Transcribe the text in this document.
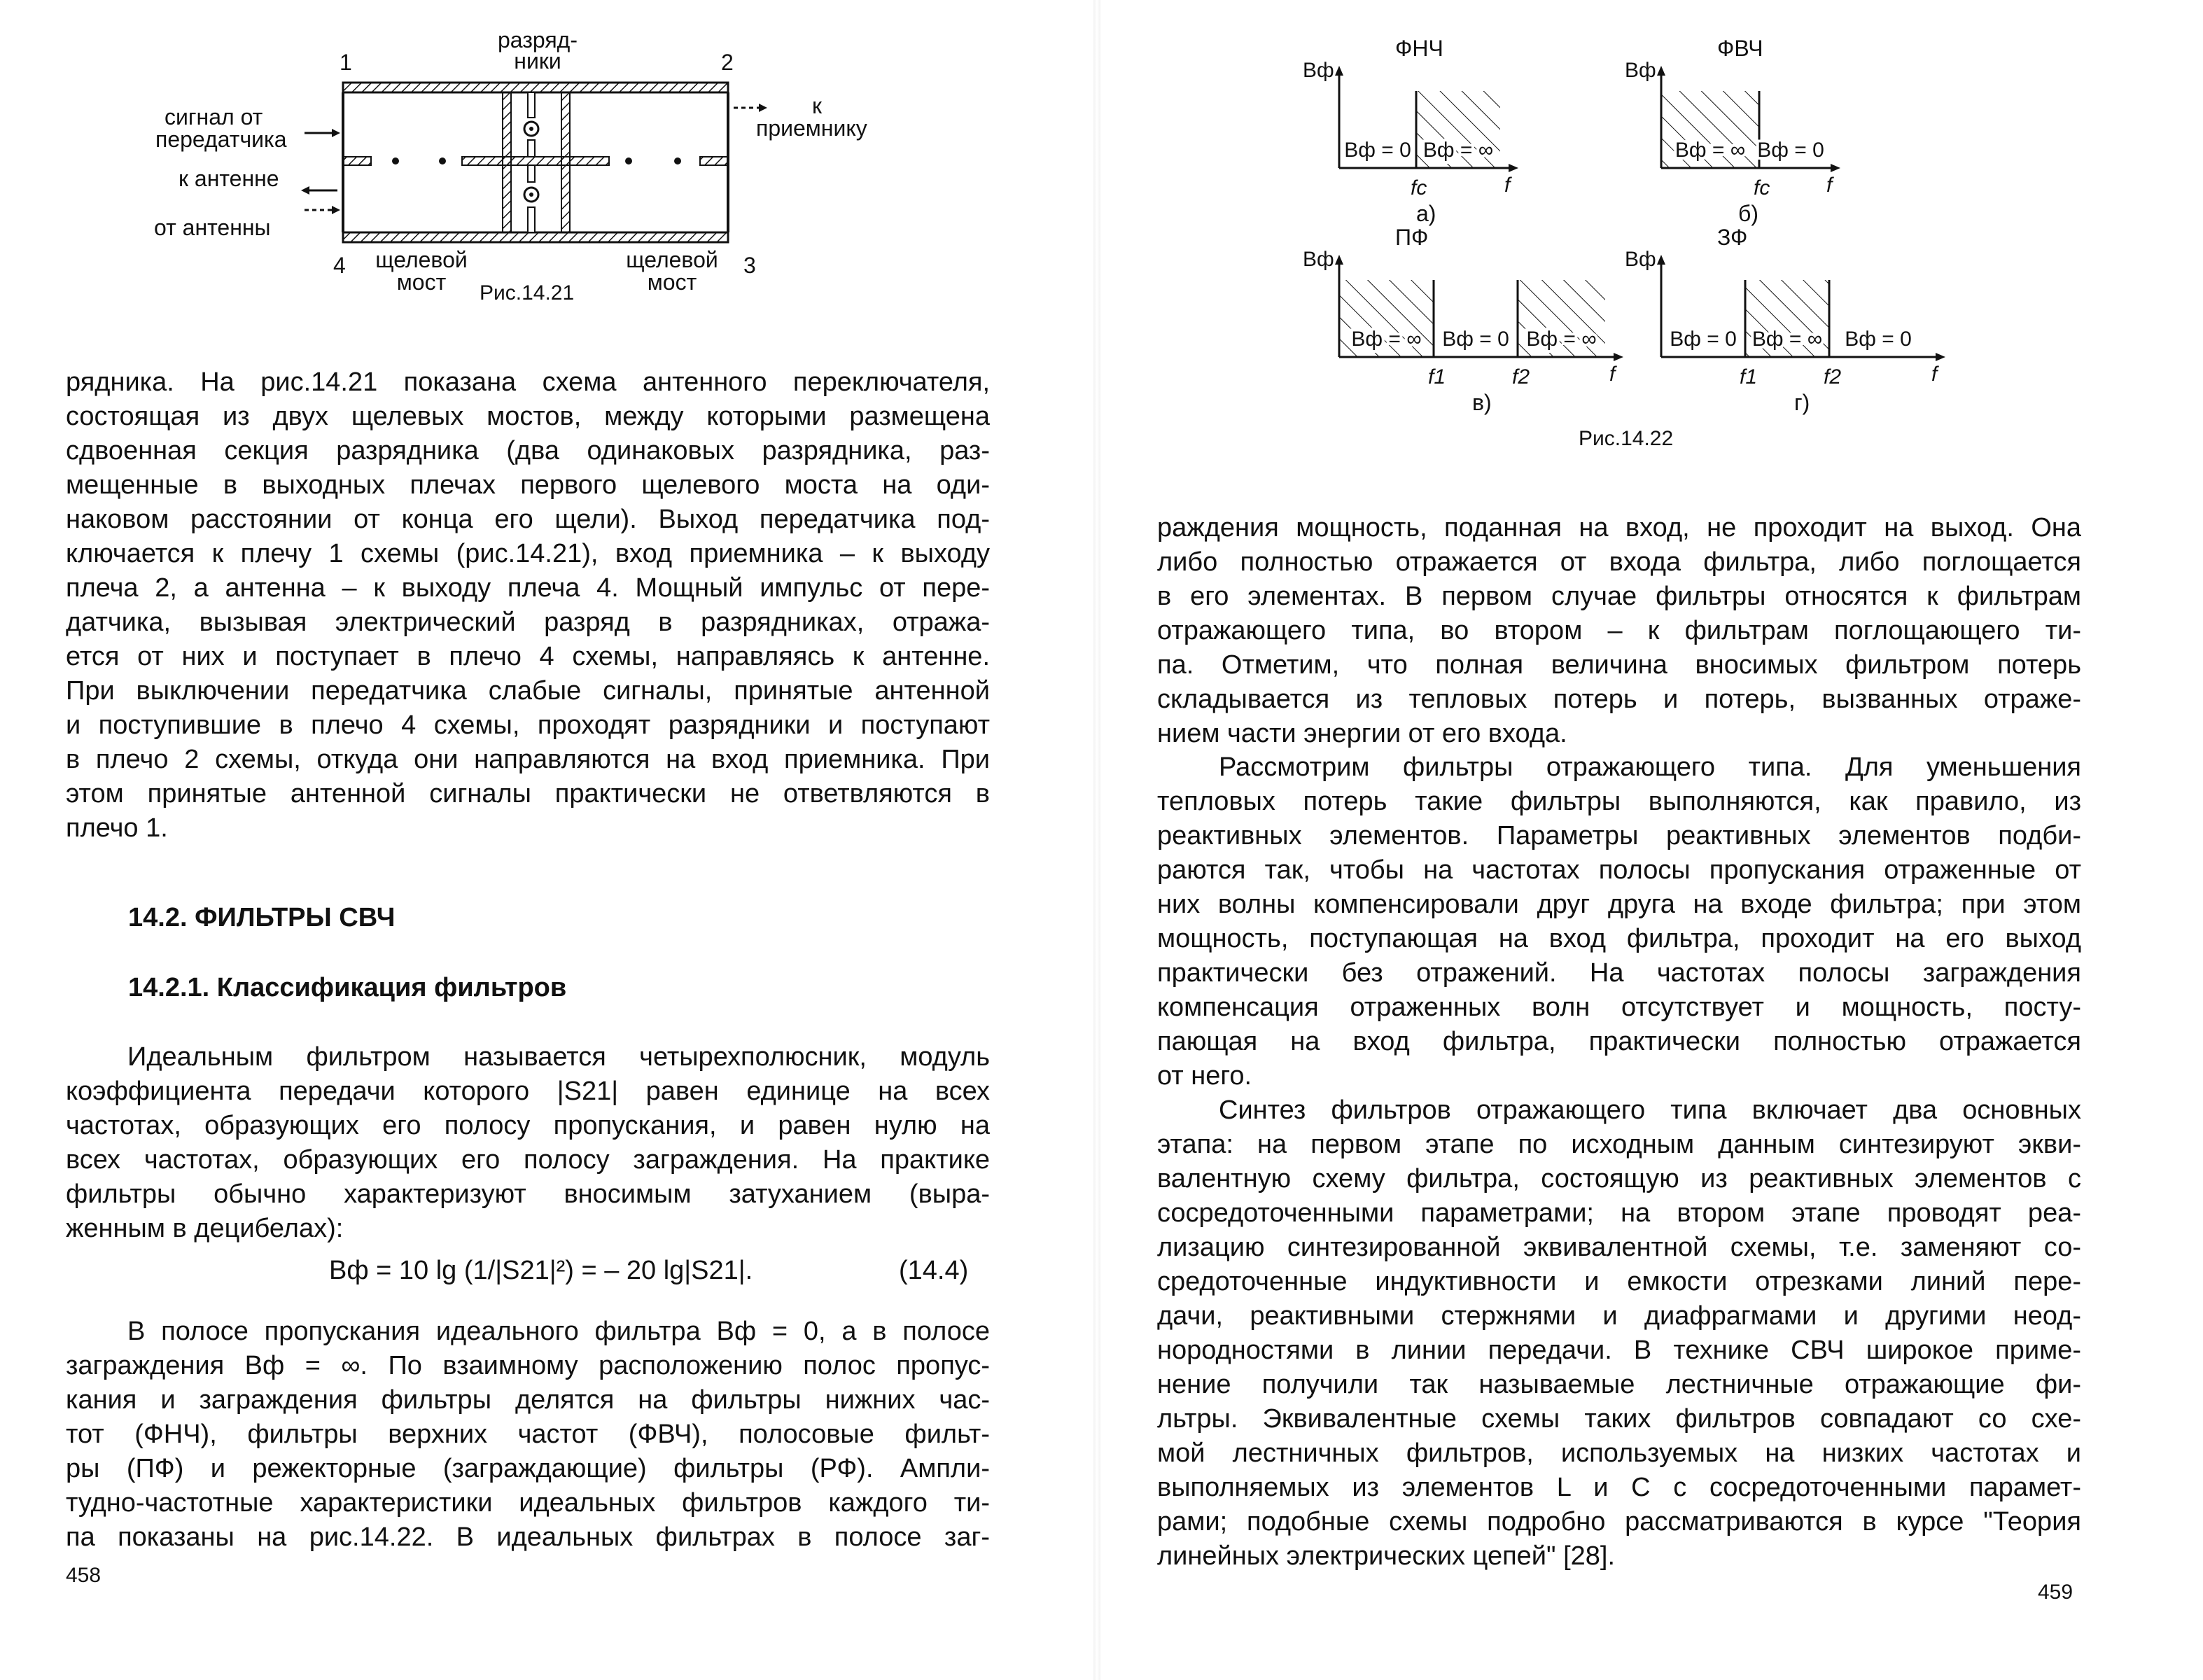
1	2
4	3
разряд-
ники
сигнал от
передатчика
к антенне
от антенны
к
приемнику
щелевой
мост
щелевой
мост
Рис.14.21
рядника. На рис.14.21 показана схема антенного переключателя,
состоящая из двух щелевых мостов, между которыми размещена
сдвоенная секция разрядника (два одинаковых разрядника, раз-
мещенные в выходных плечах первого щелевого моста на оди-
наковом расстоянии от конца его щели). Выход передатчика под-
ключается к плечу 1 схемы (рис.14.21), вход приемника – к выходу
плеча 2, а антенна – к выходу плеча 4. Мощный импульс от пере-
датчика, вызывая электрический разряд в разрядниках, отража-
ется от них и поступает в плечо 4 схемы, направляясь к антенне.
При выключении передатчика слабые сигналы, принятые антенной
и поступившие в плечо 4 схемы, проходят разрядники и поступают
в плечо 2 схемы, откуда они направляются на вход приемника. При
этом принятые антенной сигналы практически не ответвляются в
плечо 1.
14.2. ФИЛЬТРЫ СВЧ
14.2.1. Классификация фильтров
Идеальным фильтром называется четырехполюсник, модуль
коэффициента передачи которого |S21| равен единице на всех
частотах, образующих его полосу пропускания, и равен нулю на
всех частотах, образующих его полосу заграждения. На практике
фильтры обычно характеризуют вносимым затуханием (выра-
женным в децибелах):
Bф = 10 lg (1/|S21|²) = – 20 lg|S21|.	(14.4)
В полосе пропускания идеального фильтра Bф = 0, а в полосе
заграждения Bф = ∞. По взаимному расположению полос пропус-
кания и заграждения фильтры делятся на фильтры нижних час-
тот (ФНЧ), фильтры верхних частот (ФВЧ), полосовые фильт-
ры (ПФ) и режекторные (заграждающие) фильтры (РФ). Ампли-
тудно-частотные характеристики идеальных фильтров каждого ти-
па показаны на рис.14.22. В идеальных фильтрах в полосе заг-
458
Bф = 0 Bф = ∞
Bф
f
fc
ФНЧ
а)
Bф = ∞ Bф = 0
Bф
f
fc
ФВЧ
б)
Bф = ∞ Bф = 0 Bф = ∞
Bф
f
f1	f2
ПФ
в)
Bф = 0 Bф = ∞ Bф = 0
Bф
f
f1	f2
ЗФ
г)
Рис.14.22
раждения мощность, поданная на вход, не проходит на выход. Она
либо полностью отражается от входа фильтра, либо поглощается
в его элементах. В первом случае фильтры относятся к фильтрам
отражающего типа, во втором – к фильтрам поглощающего ти-
па. Отметим, что полная величина вносимых фильтром потерь
складывается из тепловых потерь и потерь, вызванных отраже-
нием части энергии от его входа.
Рассмотрим фильтры отражающего типа. Для уменьшения
тепловых потерь такие фильтры выполняются, как правило, из
реактивных элементов. Параметры реактивных элементов подби-
раются так, чтобы на частотах полосы пропускания отраженные от
них волны компенсировали друг друга на входе фильтра; при этом
мощность, поступающая на вход фильтра, проходит на его выход
практически без отражений. На частотах полосы заграждения
компенсация отраженных волн отсутствует и мощность, посту-
пающая на вход фильтра, практически полностью отражается
от него.
Синтез фильтров отражающего типа включает два основных
этапа: на первом этапе по исходным данным синтезируют экви-
валентную схему фильтра, состоящую из реактивных элементов с
сосредоточенными параметрами; на втором этапе проводят реа-
лизацию синтезированной эквивалентной схемы, т.е. заменяют со-
средоточенные индуктивности и емкости отрезками линий пере-
дачи, реактивными стержнями и диафрагмами и другими неод-
нородностями в линии передачи. В технике СВЧ широкое приме-
нение получили так называемые лестничные отражающие фи-
льтры. Эквивалентные схемы таких фильтров совпадают со схе-
мой лестничных фильтров, используемых на низких частотах и
выполняемых из элементов L и C с сосредоточенными парамет-
рами; подобные схемы подробно рассматриваются в курсе "Теория
линейных электрических цепей" [28].
459
